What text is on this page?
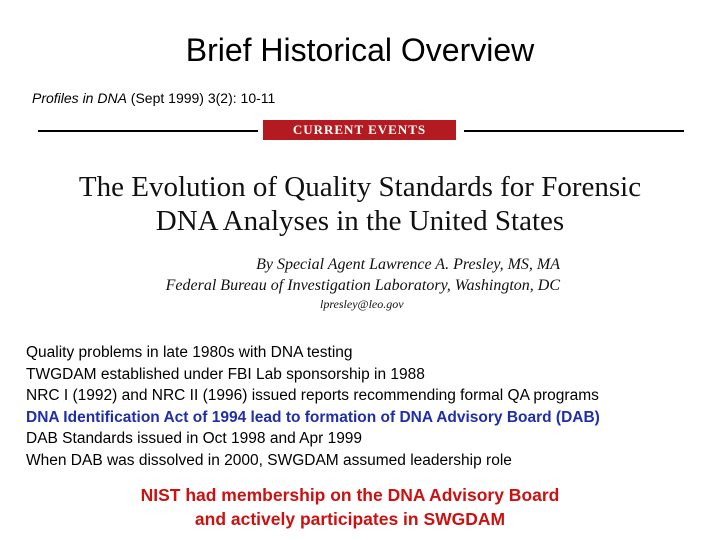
Brief Historical Overview
Profiles in DNA (Sept 1999) 3(2): 10-11
CURRENT EVENTS
The Evolution of Quality Standards for Forensic
DNA Analyses in the United States
By Special Agent Lawrence A. Presley, MS, MA
Federal Bureau of Investigation Laboratory, Washington, DC
lpresley@leo.gov
Quality problems in late 1980s with DNA testing
TWGDAM established under FBI Lab sponsorship in 1988
NRC I (1992) and NRC II (1996) issued reports recommending formal QA programs
DNA Identification Act of 1994 lead to formation of DNA Advisory Board (DAB)
DAB Standards issued in Oct 1998 and Apr 1999
When DAB was dissolved in 2000, SWGDAM assumed leadership role
NIST had membership on the DNA Advisory Board
and actively participates in SWGDAM
